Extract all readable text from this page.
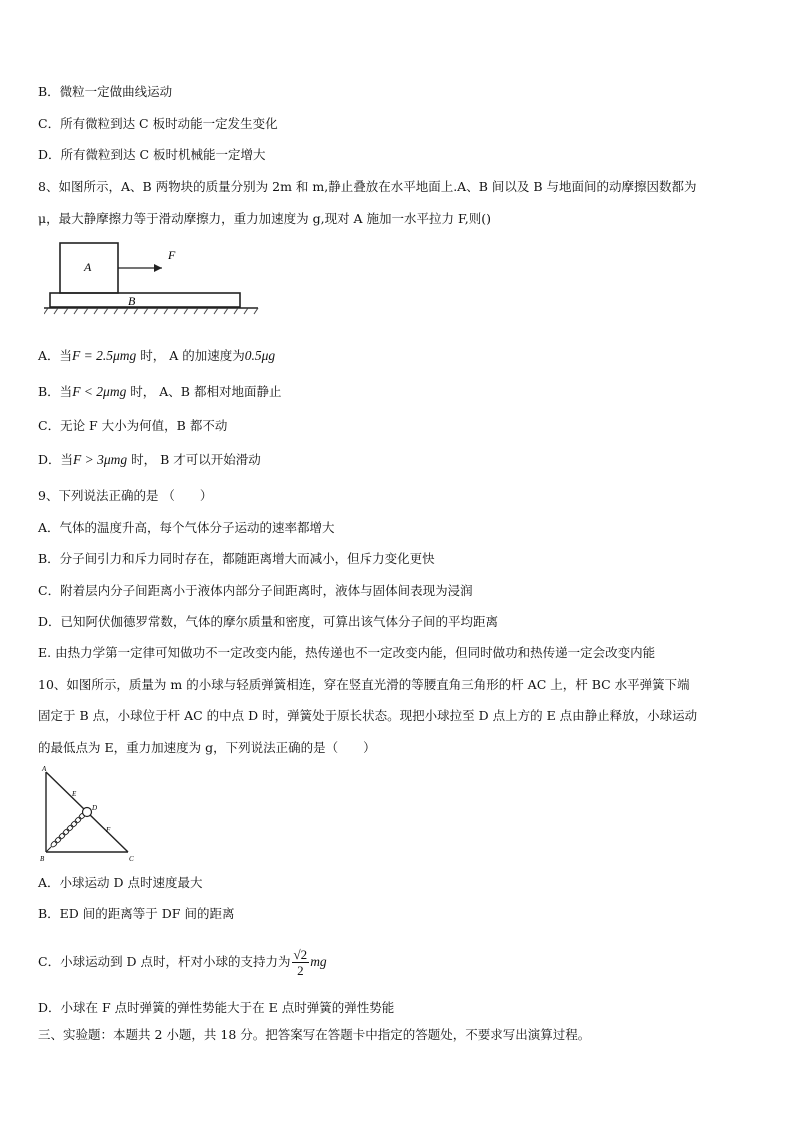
B．微粒一定做曲线运动
C．所有微粒到达 C 板时动能一定发生变化
D．所有微粒到达 C 板时机械能一定增大
8、如图所示，A、B 两物块的质量分别为 2m 和 m,静止叠放在水平地面上.A、B 间以及 B 与地面间的动摩擦因数都为
μ，最大静摩擦力等于滑动摩擦力，重力加速度为 g,现对 A 施加一水平拉力 F,则()
A
F
B
A．当F = 2.5μmg 时， A 的加速度为0.5μg
B．当F < 2μmg 时， A、B 都相对地面静止
C．无论 F 大小为何值，B 都不动
D．当F > 3μmg 时， B 才可以开始滑动
9、下列说法正确的是 （　　）
A．气体的温度升高，每个气体分子运动的速率都增大
B．分子间引力和斥力同时存在，都随距离增大而减小，但斥力变化更快
C．附着层内分子间距离小于液体内部分子间距离时，液体与固体间表现为浸润
D．已知阿伏伽德罗常数，气体的摩尔质量和密度，可算出该气体分子间的平均距离
E. 由热力学第一定律可知做功不一定改变内能，热传递也不一定改变内能，但同时做功和热传递一定会改变内能
10、如图所示，质量为 m 的小球与轻质弹簧相连，穿在竖直光滑的等腰直角三角形的杆 AC 上，杆 BC 水平弹簧下端
固定于 B 点，小球位于杆 AC 的中点 D 时，弹簧处于原长状态。现把小球拉至 D 点上方的 E 点由静止释放，小球运动
的最低点为 E，重力加速度为 g，下列说法正确的是（　　）
A
B	C
D
E
F
A．小球运动 D 点时速度最大
B．ED 间的距离等于 DF 间的距离
C．小球运动到 D 点时，杆对小球的支持力为 $\frac{√2}{2}$ mg
D．小球在 F 点时弹簧的弹性势能大于在 E 点时弹簧的弹性势能
三、实验题：本题共 2 小题，共 18 分。把答案写在答题卡中指定的答题处，不要求写出演算过程。
